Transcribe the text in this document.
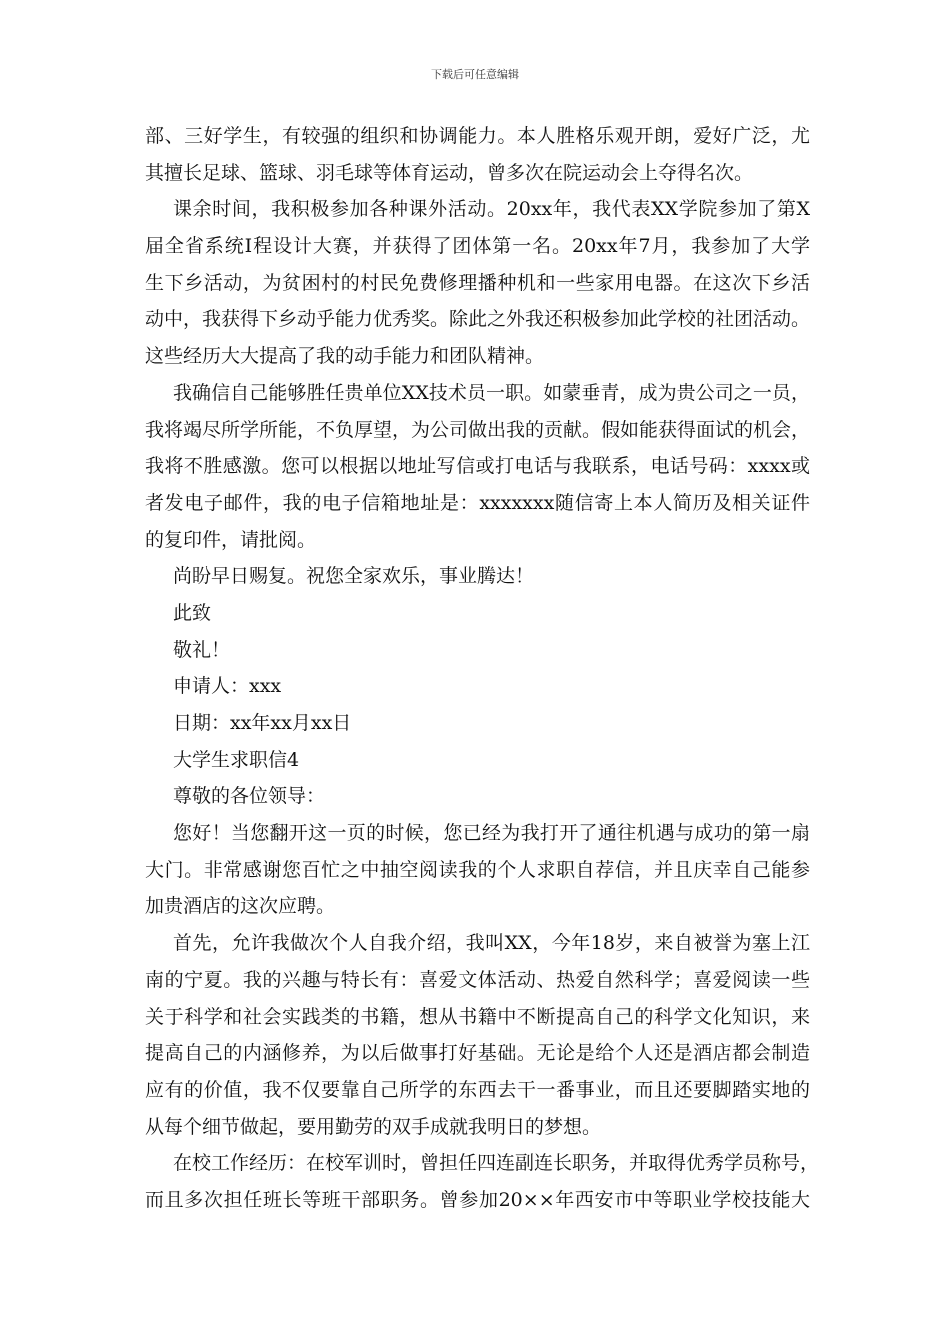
下载后可任意编辑
部、三好学生，有较强的组织和协调能力。本人胜格乐观开朗，爱好广泛，尤
其擅长足球、篮球、羽毛球等体育运动，曾多次在院运动会上夺得名次。
课余时间，我积极参加各种课外活动。20xx年，我代表XX学院参加了第X
届全省系统Ⅰ程设计大赛，并获得了团体第一名。20xx年7月，我参加了大学
生下乡活动，为贫困村的村民免费修理播种机和一些家用电器。在这次下乡活
动中，我获得下乡动乎能力优秀奖。除此之外我还积极参加此学校的社团活动。
这些经历大大提高了我的动手能力和团队精神。
我确信自己能够胜任贵单位XX技术员一职。如蒙垂青，成为贵公司之一员，
我将竭尽所学所能，不负厚望，为公司做出我的贡献。假如能获得面试的机会，
我将不胜感激。您可以根据以地址写信或打电话与我联系，电话号码：xxxx或
者发电子邮件，我的电子信箱地址是：xxxxxxx随信寄上本人简历及相关证件
的复印件，请批阅。
尚盼早日赐复。祝您全家欢乐，事业腾达！
此致
敬礼！
申请人：xxx
日期：xx年xx月xx日
大学生求职信4
尊敬的各位领导：
您好！当您翻开这一页的时候，您已经为我打开了通往机遇与成功的第一扇
大门。非常感谢您百忙之中抽空阅读我的个人求职自荐信，并且庆幸自己能参
加贵酒店的这次应聘。
首先，允许我做次个人自我介绍，我叫XX，今年18岁，来自被誉为塞上江
南的宁夏。我的兴趣与特长有：喜爱文体活动、热爱自然科学；喜爱阅读一些
关于科学和社会实践类的书籍，想从书籍中不断提高自己的科学文化知识，来
提高自己的内涵修养，为以后做事打好基础。无论是给个人还是酒店都会制造
应有的价值，我不仅要靠自己所学的东西去干一番事业，而且还要脚踏实地的
从每个细节做起，要用勤劳的双手成就我明日的梦想。
在校工作经历：在校军训时，曾担任四连副连长职务，并取得优秀学员称号，
而且多次担任班长等班干部职务。曾参加20××年西安市中等职业学校技能大
